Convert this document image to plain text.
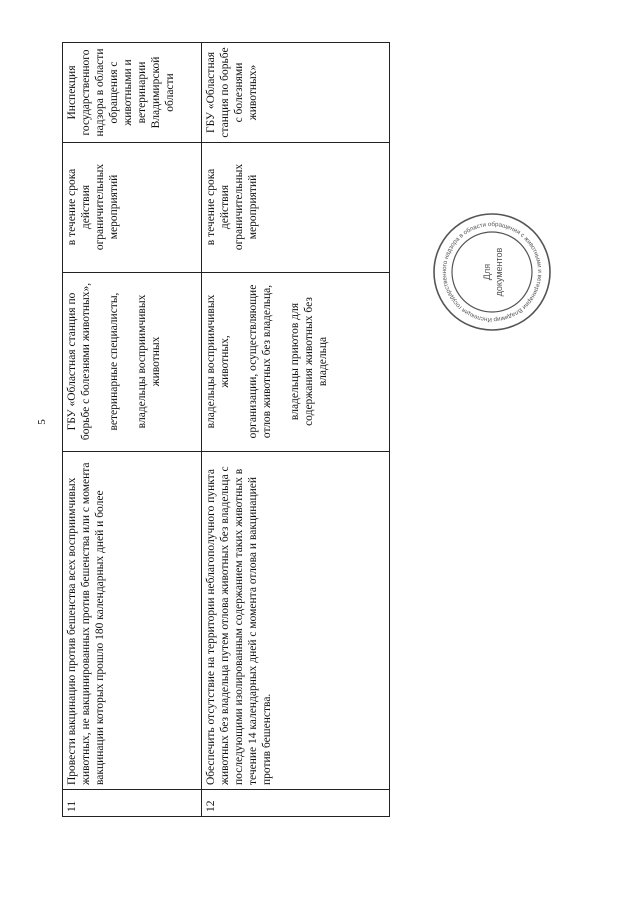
5
11

Провести вакцинацию против бешенства всех восприимчивых животных, не вакцинированных против бешенства или с момента вакцинации которых прошло 180 календарных дней и более

ГБУ «Областная станция по борьбе с болезнями животных», ветеринарные специалисты, владельцы восприимчивых животных

в течение срока действия ограничительных мероприятий

Инспекция государственного надзора в области обращения с животными и ветеринарии Владимирской области

12

Обеспечить отсутствие на территории неблагополучного пункта животных без владельца путем отлова животных без владельца с последующими изолированным содержанием таких животных в течение 14 календарных дней с момента отлова и вакцинацией против бешенства.

владельцы восприимчивых животных, организации, осуществляющие отлов животных без владельца, владельцы приютов для содержания животных без владельца

в течение срока действия ограничительных мероприятий

ГБУ «Областная станция по борьбе с болезнями животных»

Инспекция государственного надзора в области обращения с животными и ветеринарии Владимир
Для документов
